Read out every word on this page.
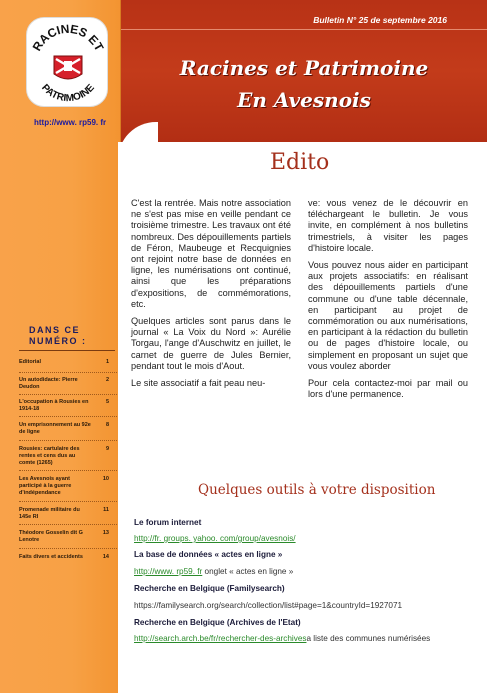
RACINES ET
PATRIMOINE
http://www. rp59. fr
DANS CE
NUMÉRO :
Editorial	1
Un autodidacte: Pierre Deudon
2
L'occupation à Rousies en 1914-18
5
Un emprisonnement au 92e de ligne
8
Rousies: cartulaire des rentes et cens dus au comte (1265)
9
Les Avesnois ayant participé à la guerre d'indépendance
10
Promenade militaire du 145e RI
11
Théodore Gosselin dit G Lenotre
13
Faits divers et accidents	14
Bulletin N° 25 de septembre 2016
Racines et Patrimoine
En Avesnois
Edito

C'est la rentrée. Mais notre association ne s'est pas mise en veille pendant ce troisième trimestre. Les travaux ont été nombreux. Des dépouillements partiels de Féron, Maubeuge et Recquignies ont rejoint notre base de données en ligne, les numérisations ont continué, ainsi que les préparations d'expositions, de commémorations, etc.

Quelques articles sont parus dans le journal « La Voix du Nord »: Aurélie Torgau, l'ange d'Auschwitz en juillet, le carnet de guerre de Jules Bernier, pendant tout le mois d'Aout.

Le site associatif a fait peau neu-

ve: vous venez de le découvrir en téléchargeant le bulletin. Je vous invite, en complément à nos bulletins trimestriels, à visiter les pages d'histoire locale.

Vous pouvez nous aider en participant aux projets associatifs: en réalisant des dépouillements partiels d'une commune ou d'une table décennale, en participant au projet de commémoration ou aux numérisations, en participant à la rédaction du bulletin ou de pages d'histoire locale, ou simplement en proposant un sujet que vous voulez aborder

Pour cela contactez-moi par mail ou lors d'une permanence.

Quelques outils à votre disposition
Le forum internet
http://fr. groups. yahoo. com/group/avesnois/
La base de données « actes en ligne »
http://www. rp59. fr onglet « actes en ligne »
Recherche en Belgique (Familysearch)
https://familysearch.org/search/collection/list#page=1&countryId=1927071
Recherche en Belgique (Archives de l'Etat)
http://search.arch.be/fr/rechercher-des-archivesa liste des communes numérisées
